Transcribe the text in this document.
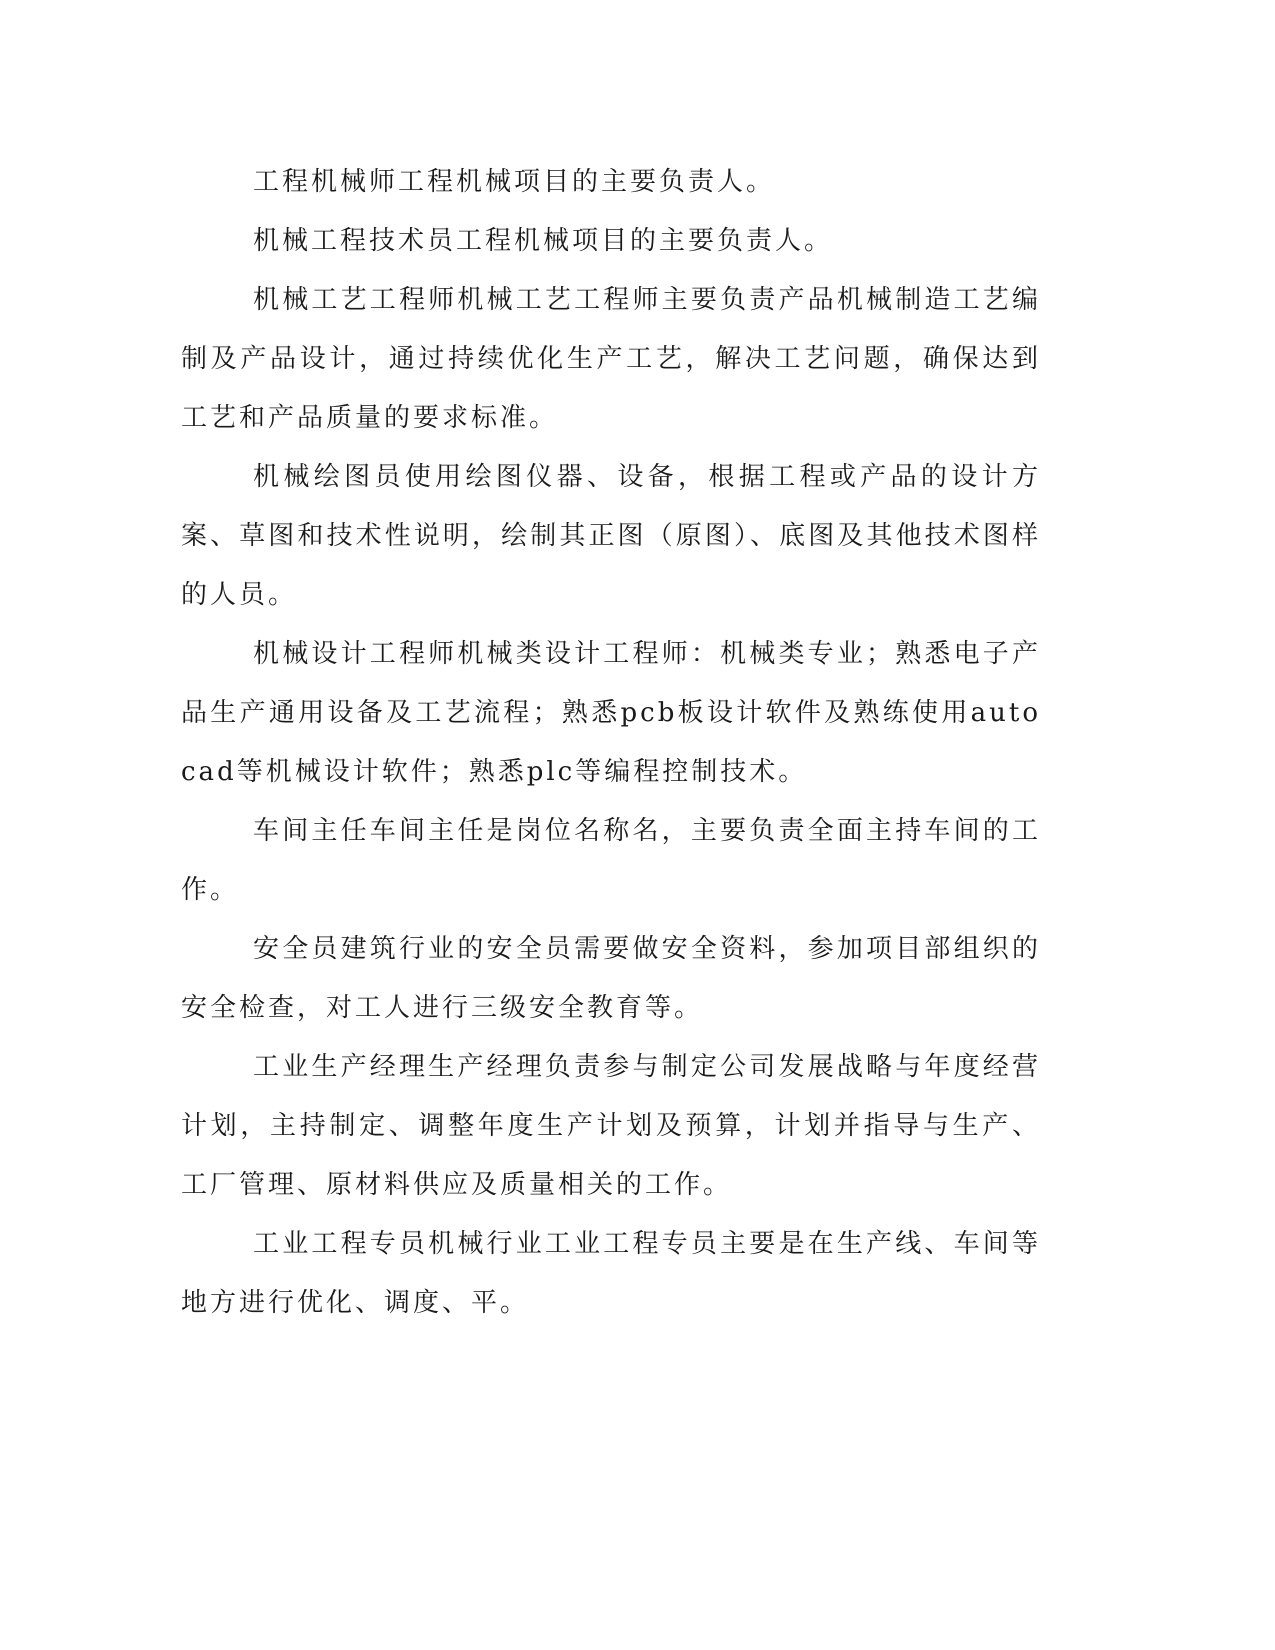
工程机械师工程机械项目的主要负责人。

机械工程技术员工程机械项目的主要负责人。

机械工艺工程师机械工艺工程师主要负责产品机械制造工艺编制及产品设计，通过持续优化生产工艺，解决工艺问题，确保达到工艺和产品质量的要求标准。

机械绘图员使用绘图仪器、设备，根据工程或产品的设计方案、草图和技术性说明，绘制其正图（原图）、底图及其他技术图样的人员。

机械设计工程师机械类设计工程师：机械类专业；熟悉电子产品生产通用设备及工艺流程；熟悉pcb板设计软件及熟练使用autocad等机械设计软件；熟悉plc等编程控制技术。

车间主任车间主任是岗位名称名，主要负责全面主持车间的工作。

安全员建筑行业的安全员需要做安全资料，参加项目部组织的安全检查，对工人进行三级安全教育等。

工业生产经理生产经理负责参与制定公司发展战略与年度经营计划，主持制定、调整年度生产计划及预算，计划并指导与生产、工厂管理、原材料供应及质量相关的工作。

工业工程专员机械行业工业工程专员主要是在生产线、车间等地方进行优化、调度、平。
